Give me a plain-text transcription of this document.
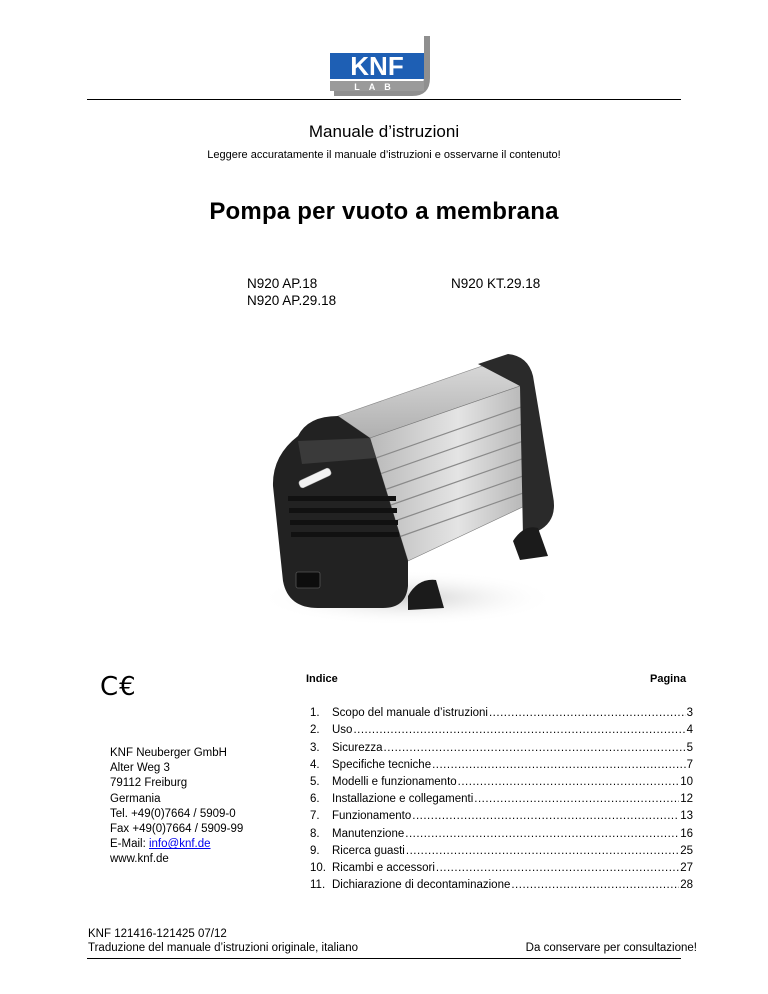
KNF
LAB
Manuale d’istruzioni
Leggere accuratamente il manuale d’istruzioni e osservarne il contenuto!
Pompa per vuoto a membrana
N920 AP.18
N920 AP.29.18
N920 KT.29.18
C€
KNF Neuberger GmbH
Alter Weg 3
79112 Freiburg
Germania
Tel. +49(0)7664 / 5909-0
Fax +49(0)7664 / 5909-99
E-Mail: info@knf.de
www.knf.de
Indice	Pagina
1.	Scopo del manuale d’istruzioni .....	3
2.	Uso .....	4
3.	Sicurezza .....	5
4.	Specifiche tecniche .....	7
5.	Modelli e funzionamento .....	10
6.	Installazione e collegamenti .....	12
7.	Funzionamento .....	13
8.	Manutenzione .....	16
9.	Ricerca guasti .....	25
10. Ricambi e accessori .....	27
11. Dichiarazione di decontaminazione .....	28
KNF 121416-121425 07/12
Traduzione del manuale d’istruzioni originale, italiano	Da conservare per consultazione!
